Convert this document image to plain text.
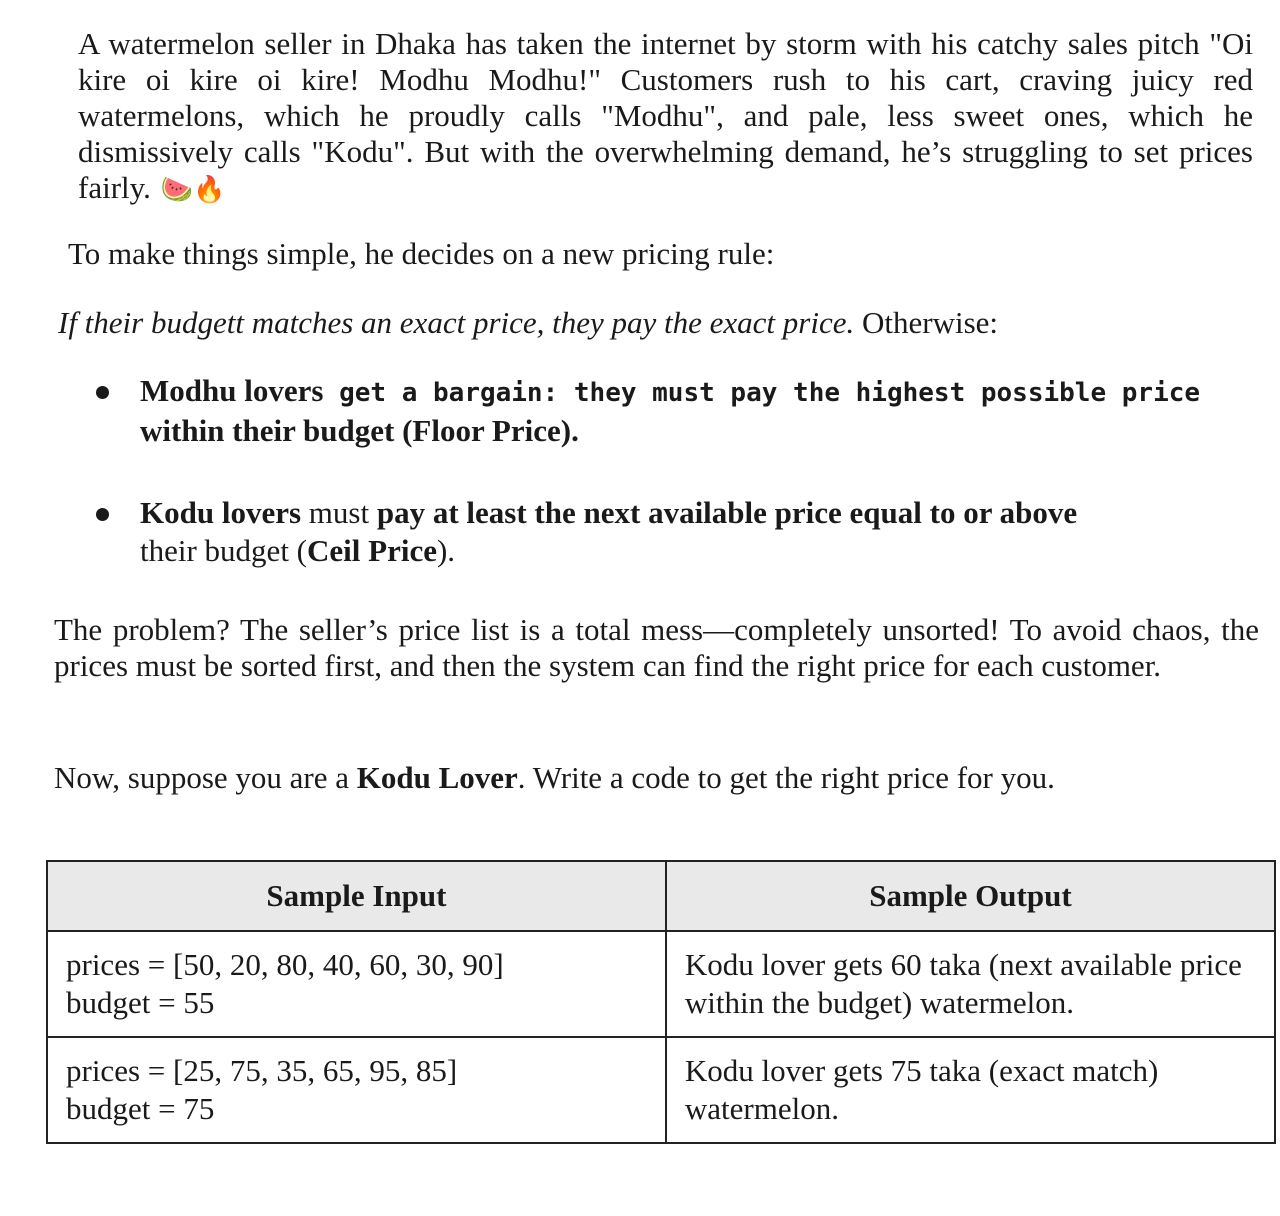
A watermelon seller in Dhaka has taken the internet by storm with his catchy sales pitch "Oi kire oi kire oi kire! Modhu Modhu!" Customers rush to his cart, craving juicy red watermelons, which he proudly calls "Modhu", and pale, less sweet ones, which he dismissively calls "Kodu". But with the overwhelming demand, he’s struggling to set prices fairly. 🍉🔥

To make things simple, he decides on a new pricing rule:

If their budgett matches an exact price, they pay the exact price. Otherwise:

Modhu lovers get a bargain: they must pay the highest possible price
within their budget (Floor Price).
Kodu lovers must pay at least the next available price equal to or above
their budget (Ceil Price).

The problem? The seller’s price list is a total mess—completely unsorted! To avoid chaos, the prices must be sorted first, and then the system can find the right price for each customer.

Now, suppose you are a Kodu Lover. Write a code to get the right price for you.

Sample Input	Sample Output
prices = [50, 20, 80, 40, 60, 30, 90]
budget = 55	Kodu lover gets 60 taka (next available price within the budget) watermelon.
prices = [25, 75, 35, 65, 95, 85]
budget = 75	Kodu lover gets 75 taka (exact match) watermelon.
